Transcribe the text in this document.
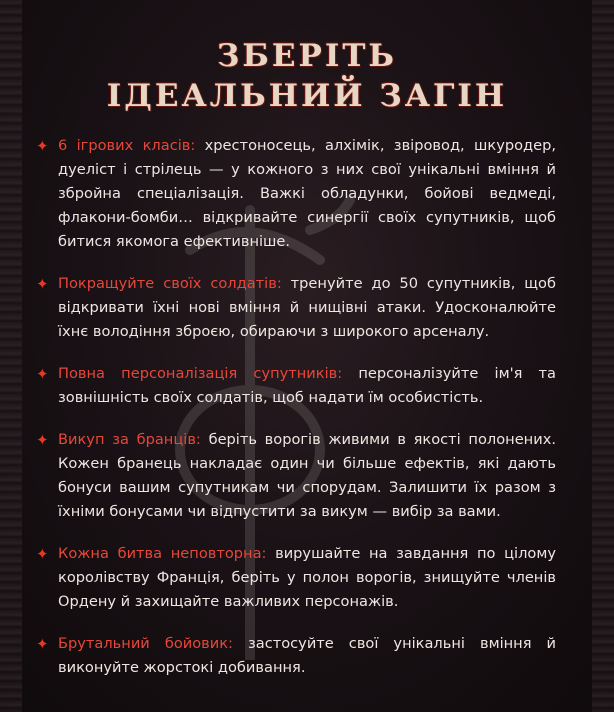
ЗБЕРІТЬ
ІДЕАЛЬНИЙ ЗАГІН
✦ 6 ігрових класів: хрестоносець, алхімік, звіровод, шкуродер, дуеліст і стрілець — у кожного з них свої унікальні вміння й збройна спеціалізація. Важкі обладунки, бойові ведмеді, флакони-бомби… відкривайте синергії своїх супутників, щоб битися якомога ефективніше.
✦ Покращуйте своїх солдатів: тренуйте до 50 супутників, щоб відкривати їхні нові вміння й нищівні атаки. Удосконалюйте їхнє володіння зброєю, обираючи з широкого арсеналу.
✦ Повна персоналізація супутників: персоналізуйте ім'я та зовнішність своїх солдатів, щоб надати їм особистість.
✦ Викуп за бранців: беріть ворогів живими в якості полонених. Кожен бранець накладає один чи більше ефектів, які дають бонуси вашим супутникам чи спорудам. Залишити їх разом з їхніми бонусами чи відпустити за викум — вибір за вами.
✦ Кожна битва неповторна: вирушайте на завдання по цілому королівству Франція, беріть у полон ворогів, знищуйте членів Ордену й захищайте важливих персонажів.
✦ Брутальний бойовик: застосуйте свої унікальні вміння й виконуйте жорстокі добивання.
